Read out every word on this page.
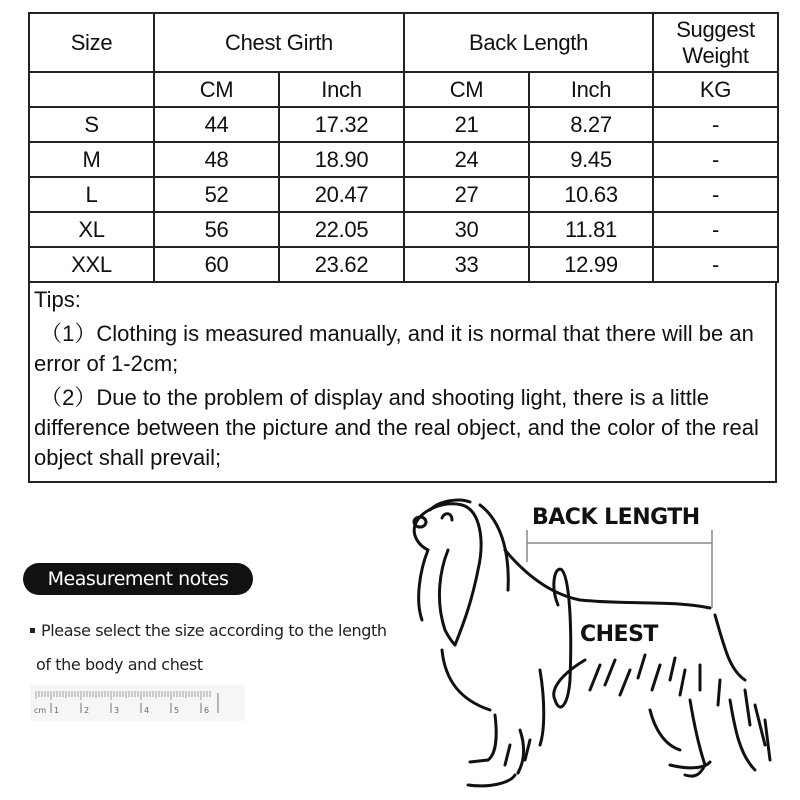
Size	Chest Girth		Back Length		Suggest
Weight
	CM	Inch	CM	Inch	KG
S	44	17.32	21	8.27	-
M	48	18.90	24	9.45	-
L	52	20.47	27	10.63	-
XL	56	22.05	30	11.81	-
XXL	60	23.62	33	12.99	-

Tips:

（1）Clothing is measured manually, and it is normal that there will be an error of 1-2cm;

（2）Due to the problem of display and shooting light, there is a little difference between the picture and the real object, and the color of the real object shall prevail;

Measurement notes
Please select the size according to the length
of the body and chest
cm 1	2	3	4	5	6
BACK LENGTH
CHEST
